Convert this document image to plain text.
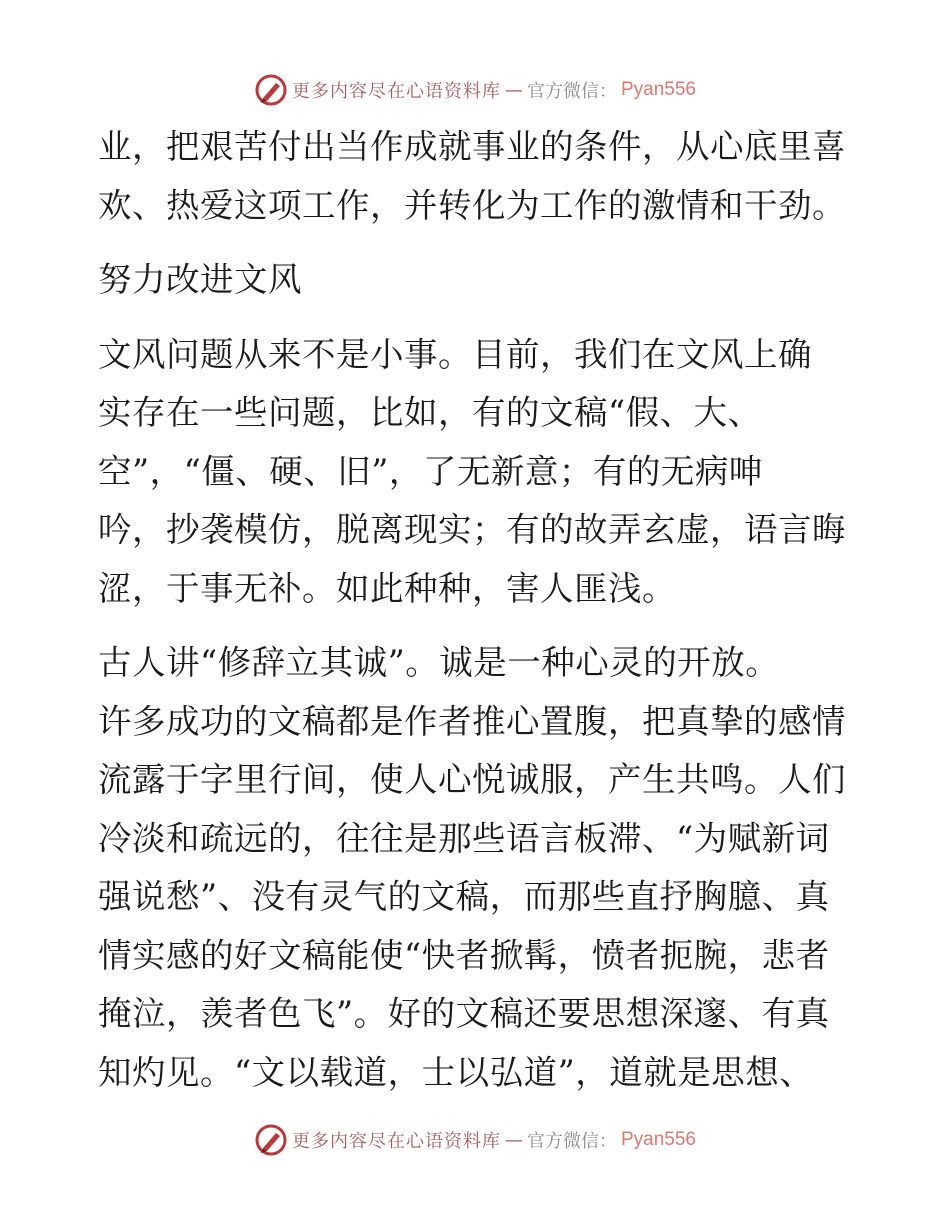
更多内容尽在心语资料库 — 官方微信： Pyan556
业，把艰苦付出当作成就事业的条件，从心底里喜
欢、热爱这项工作，并转化为工作的激情和干劲。
努力改进文风
文风问题从来不是小事。目前，我们在文风上确
实存在一些问题，比如，有的文稿“假、大、
空”，“僵、硬、旧”，了无新意；有的无病呻
吟，抄袭模仿，脱离现实；有的故弄玄虚，语言晦
涩，于事无补。如此种种，害人匪浅。
古人讲“修辞立其诚”。诚是一种心灵的开放。
许多成功的文稿都是作者推心置腹，把真挚的感情
流露于字里行间，使人心悦诚服，产生共鸣。人们
冷淡和疏远的，往往是那些语言板滞、“为赋新词
强说愁”、没有灵气的文稿，而那些直抒胸臆、真
情实感的好文稿能使“快者掀髯，愤者扼腕，悲者
掩泣，羡者色飞”。好的文稿还要思想深邃、有真
知灼见。“文以载道，士以弘道”，道就是思想、
更多内容尽在心语资料库 — 官方微信： Pyan556
